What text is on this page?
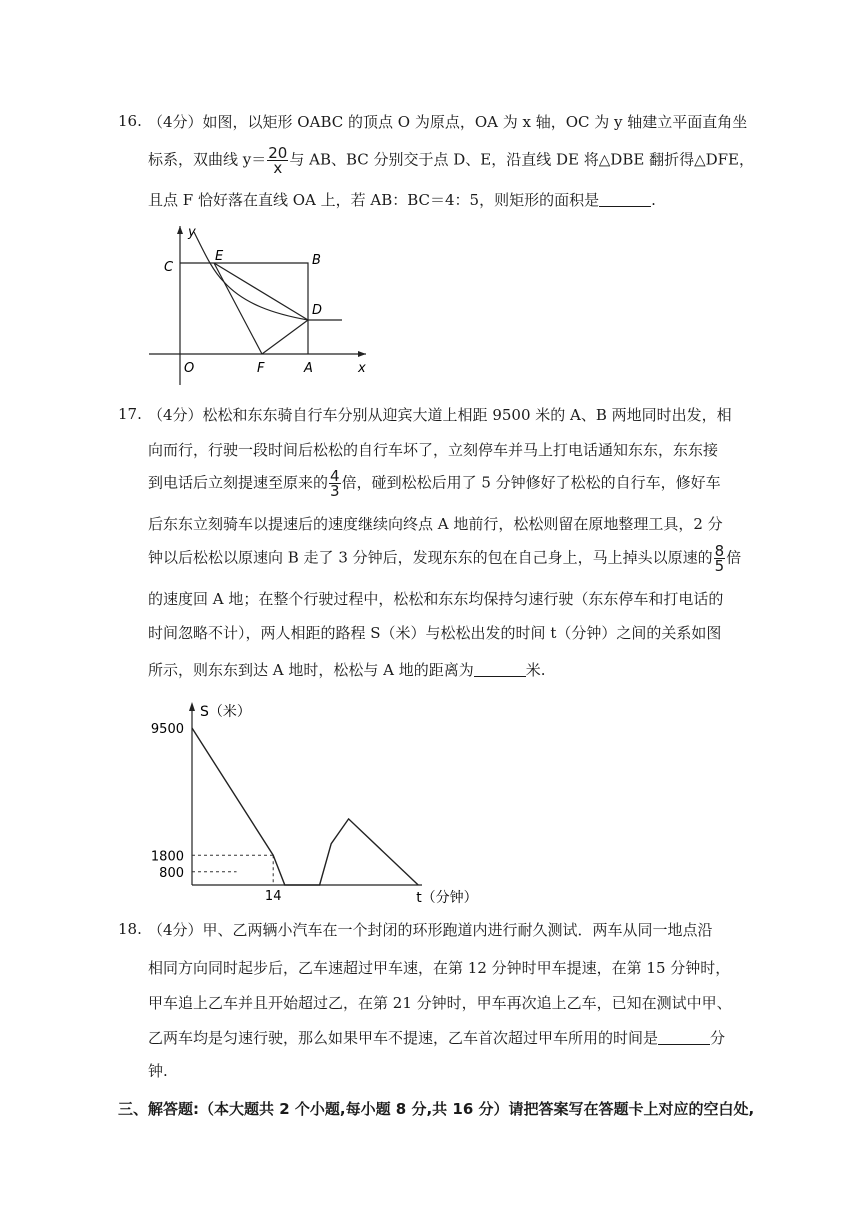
16. （4分）如图，以矩形 OABC 的顶点 O 为原点，OA 为 x 轴，OC 为 y 轴建立平面直角坐
标系，双曲线 $y= \frac{20}{x}$ 与 AB、BC 分别交于点 D、E，沿直线 DE 将△DBE 翻折得△DFE，
且点 F 恰好落在直线 OA 上，若 AB：BC＝4：5，则矩形的面积是	.
y
C
E	B
D
O	F	A	x
17. （4分）松松和东东骑自行车分别从迎宾大道上相距 9500 米的 A、B 两地同时出发，相
向而行，行驶一段时间后松松的自行车坏了，立刻停车并马上打电话通知东东，东东接
到电话后立刻提速至原来的 $\frac{4}{3}$ 倍，碰到松松后用了 5 分钟修好了松松的自行车，修好车
后东东立刻骑车以提速后的速度继续向终点 A 地前行，松松则留在原地整理工具，2 分
钟以后松松以原速向 B 走了 3 分钟后，发现东东的包在自己身上，马上掉头以原速的 $\frac{8}{5}$ 倍
的速度回 A 地；在整个行驶过程中，松松和东东均保持匀速行驶（东东停车和打电话的
时间忽略不计），两人相距的路程 S（米）与松松出发的时间 t（分钟）之间的关系如图
所示，则东东到达 A 地时，松松与 A 地的距离为	米.
S（米）
t（分钟）
9500
1800
800
14
18. （4分）甲、乙两辆小汽车在一个封闭的环形跑道内进行耐久测试．两车从同一地点沿
相同方向同时起步后，乙车速超过甲车速，在第 12 分钟时甲车提速，在第 15 分钟时，
甲车追上乙车并且开始超过乙，在第 21 分钟时，甲车再次追上乙车，已知在测试中甲、
乙两车均是匀速行驶，那么如果甲车不提速，乙车首次超过甲车所用的时间是	分
钟.
三、解答题:（本大题共 2 个小题,每小题 8 分,共 16 分）请把答案写在答题卡上对应的空白处,
